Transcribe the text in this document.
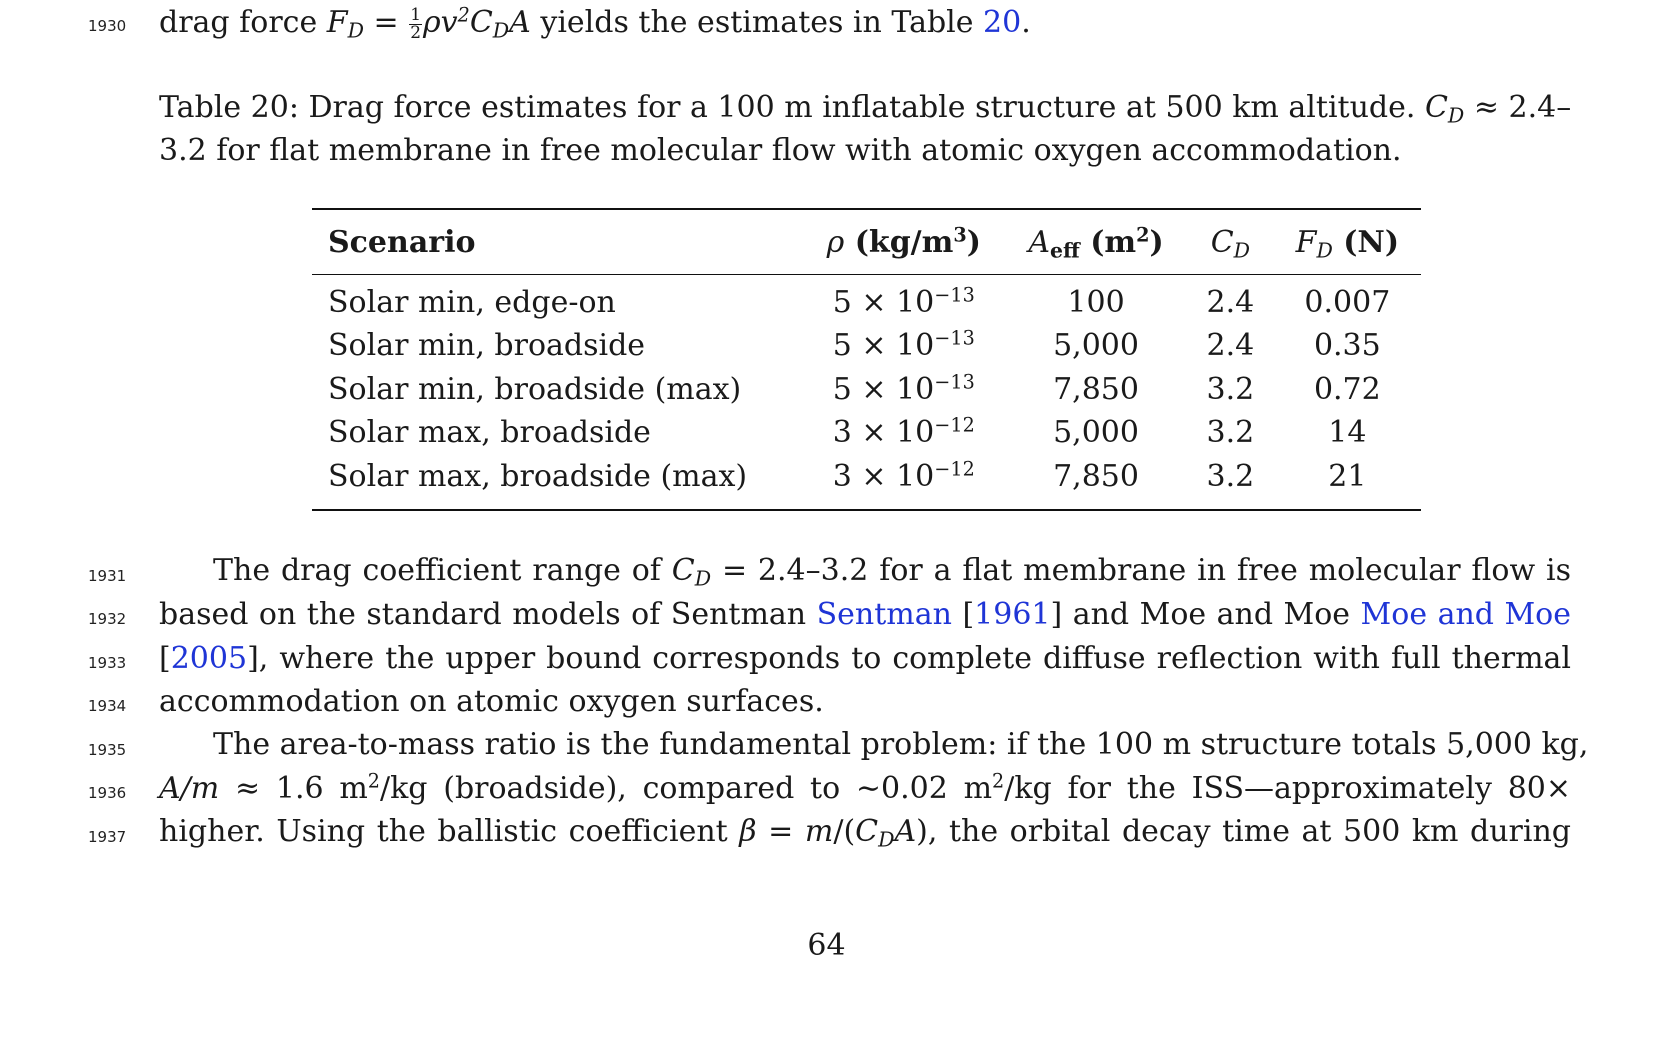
1930 drag force $F_D = \frac{1}{2} \rho v^2C_DA$ yields the estimates in Table 20.
Table 20: Drag force estimates for a 100 m inflatable structure at 500 km altitude. $C_D \approx 2.4-$
3.2 for flat membrane in free molecular flow with atomic oxygen accommodation.
Scenario	ρ $(kg/m^3)$	$A_{eff}$ $(m^2)$	$C_D$	$F_D$ (N)
Solar min, edge-on	$5 \times 10^{-13}$	100	2.4	0.007
Solar min, broadside	$5 \times 10^{-13}$	5,000	2.4	0.35
Solar min, broadside (max)	$5 \times 10^{-13}$	7,850	3.2	0.72
Solar max, broadside	$3 \times 10^{-12}$	5,000	3.2	14
Solar max, broadside (max)	$3 \times 10^{-12}$	7,850	3.2	21
1931	The drag coefficient range of $C_D = 2.4-3.2$ for a flat membrane in free molecular flow is
1932 based on the standard models of Sentman Sentman [1961] and Moe and Moe Moe and Moe
1933 [2005], where the upper bound corresponds to complete diffuse reflection with full thermal
1934 accommodation on atomic oxygen surfaces.
1935	The area-to-mass ratio is the fundamental problem: if the 100 m structure totals 5,000 kg,
1936 A/m ≈ 1.6 $m^2/kg$ (broadside), compared to ∼0.02 $m^2/kg$ for the ISS—approximately 80×
1937 higher. Using the ballistic coefficient $\beta = m/(C_DA)$, the orbital decay time at 500 km during
64
